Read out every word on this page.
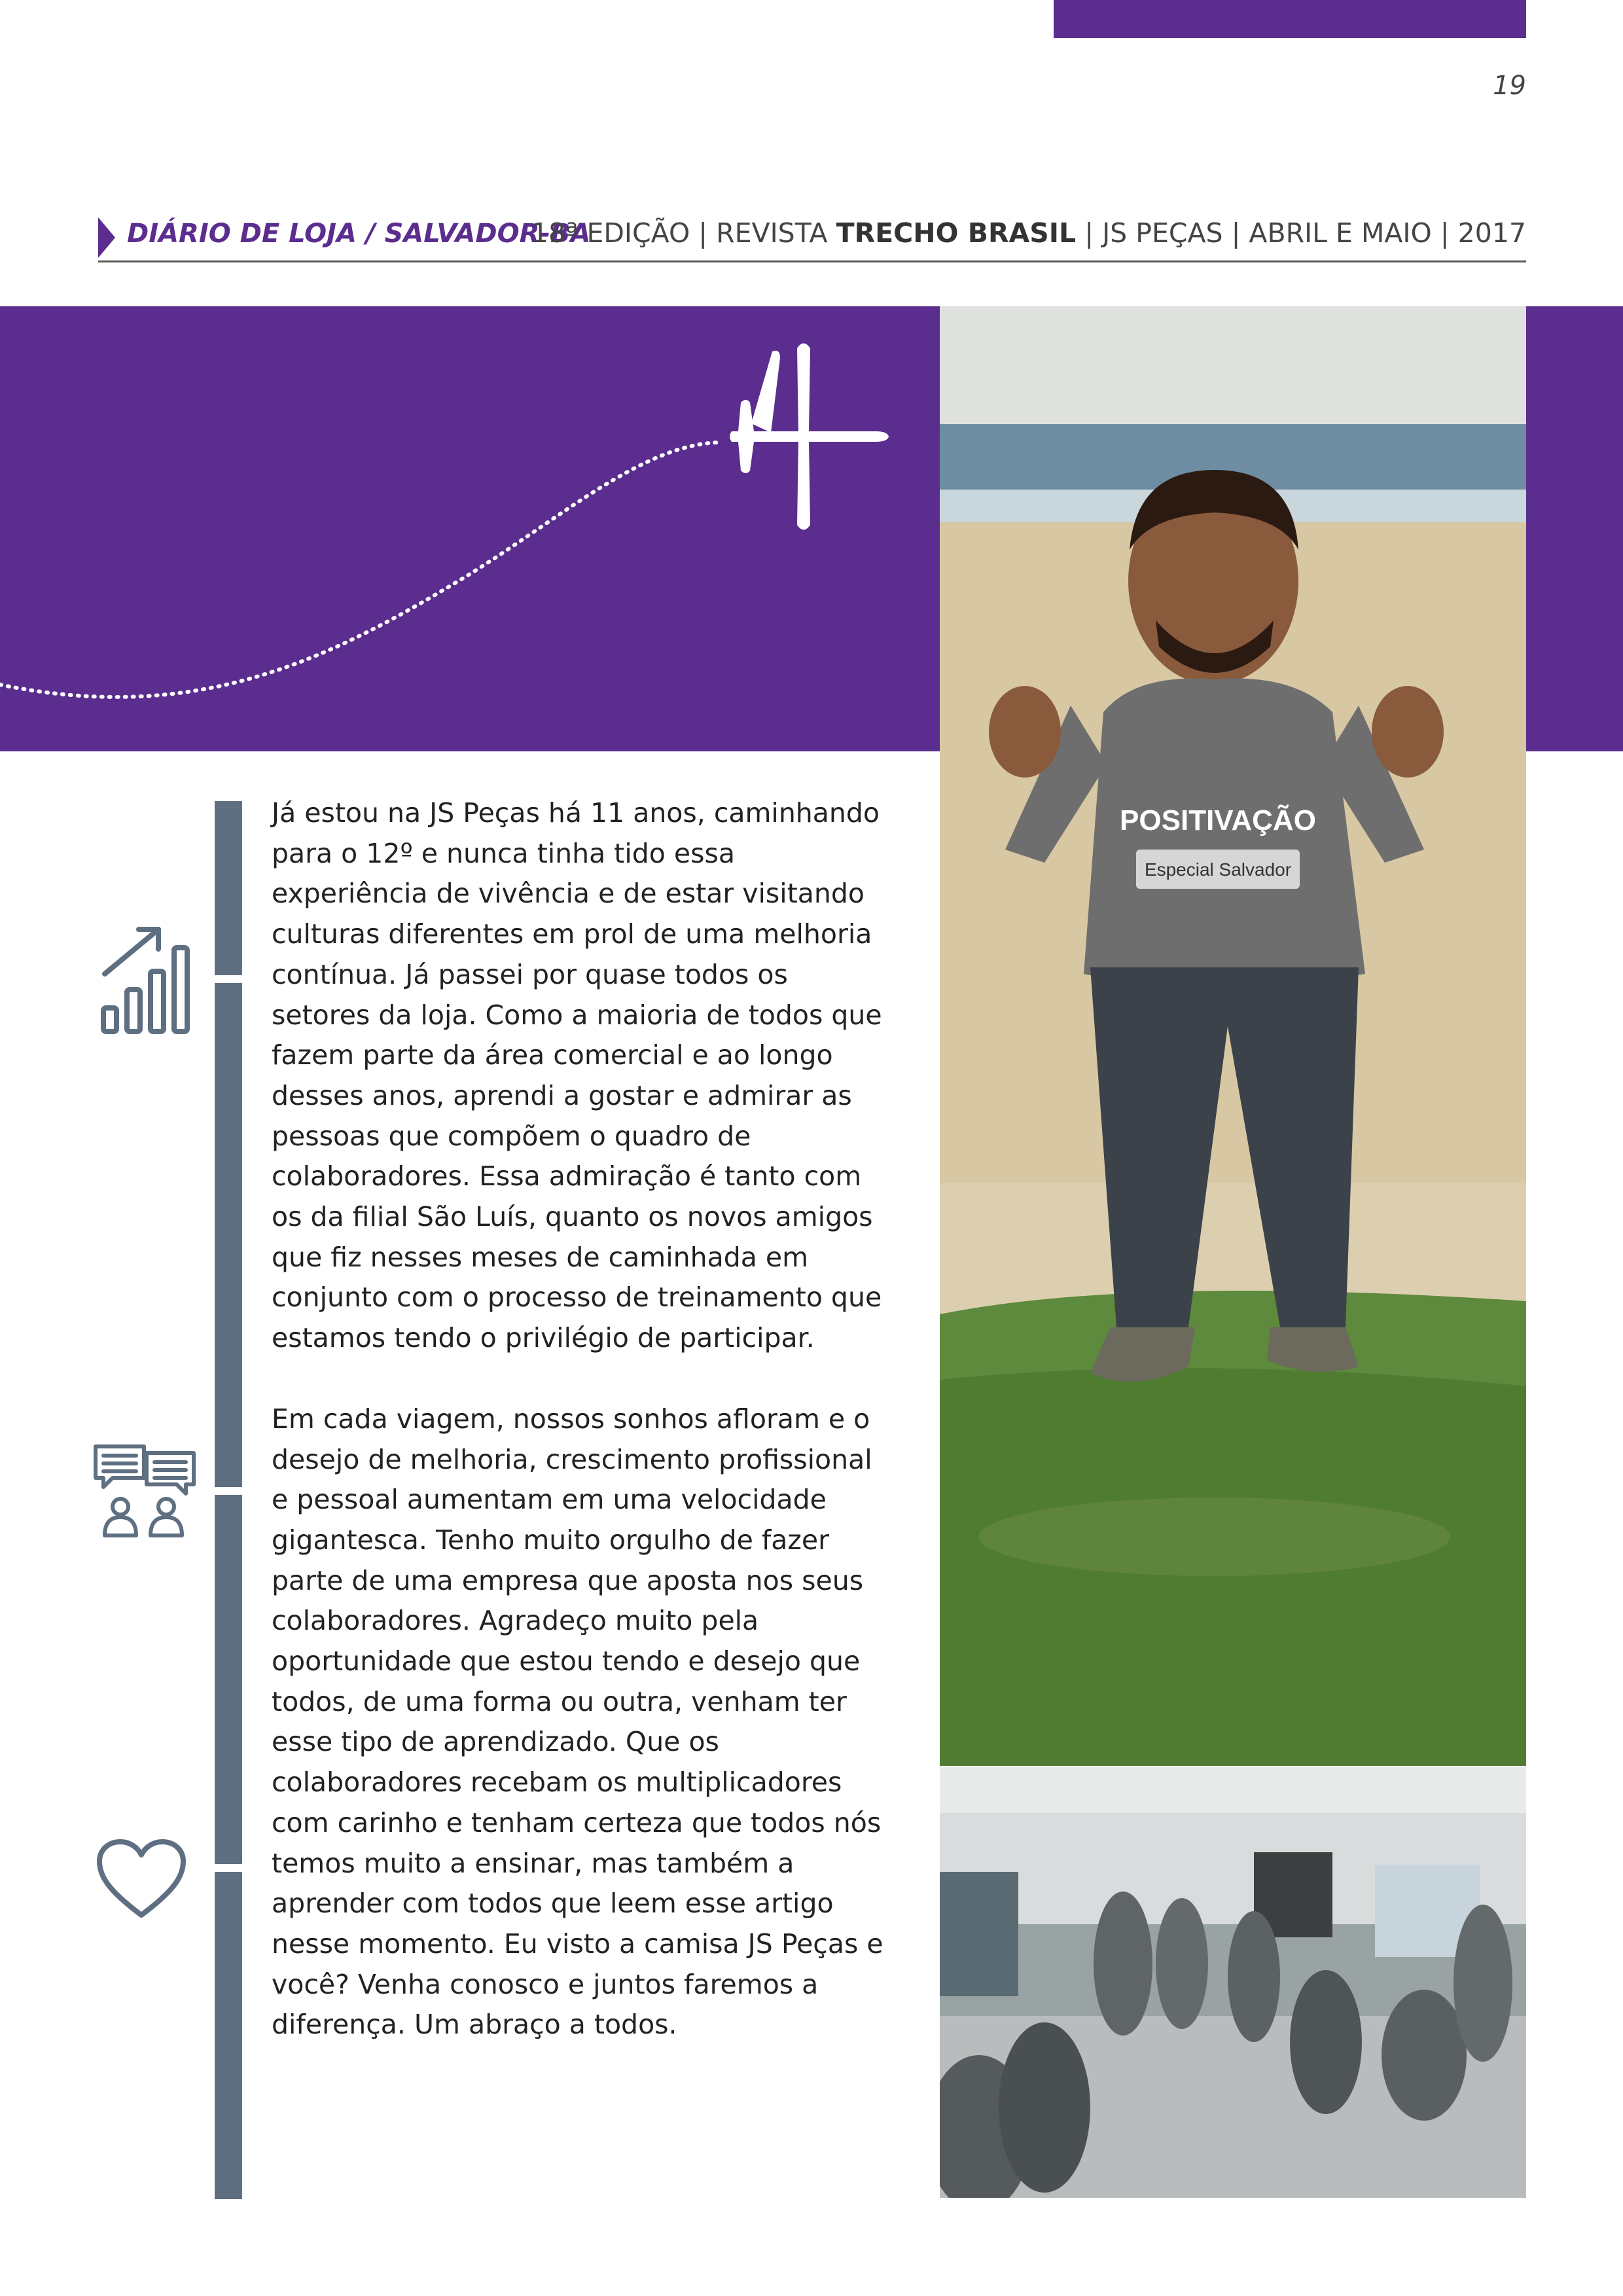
19
DIÁRIO DE LOJA / SALVADOR-BA
18ª EDIÇÃO | REVISTA TRECHO BRASIL | JS PEÇAS | ABRIL E MAIO | 2017
POSITIVAÇÃO
Especial Salvador

Já estou na JS Peças há 11 anos, caminhando para o 12º e nunca tinha tido essa experiência de vivência e de estar visitando culturas diferentes em prol de uma melhoria contínua. Já passei por quase todos os setores da loja. Como a maioria de todos que fazem parte da área comercial e ao longo desses anos, aprendi a gostar e admirar as pessoas que compõem o quadro de colaboradores. Essa admiração é tanto com os da filial São Luís, quanto os novos amigos que fiz nesses meses de caminhada em conjunto com o processo de treinamento que estamos tendo o privilégio de participar.

Em cada viagem, nossos sonhos afloram e o desejo de melhoria, crescimento profissional e pessoal aumentam em uma velocidade gigantesca. Tenho muito orgulho de fazer parte de uma empresa que aposta nos seus colaboradores. Agradeço muito pela oportunidade que estou tendo e desejo que todos, de uma forma ou outra, venham ter esse tipo de aprendizado. Que os colaboradores recebam os multiplicadores com carinho e tenham certeza que todos nós temos muito a ensinar, mas também a aprender com todos que leem esse artigo nesse momento. Eu visto a camisa JS Peças e você? Venha conosco e juntos faremos a diferença. Um abraço a todos.
